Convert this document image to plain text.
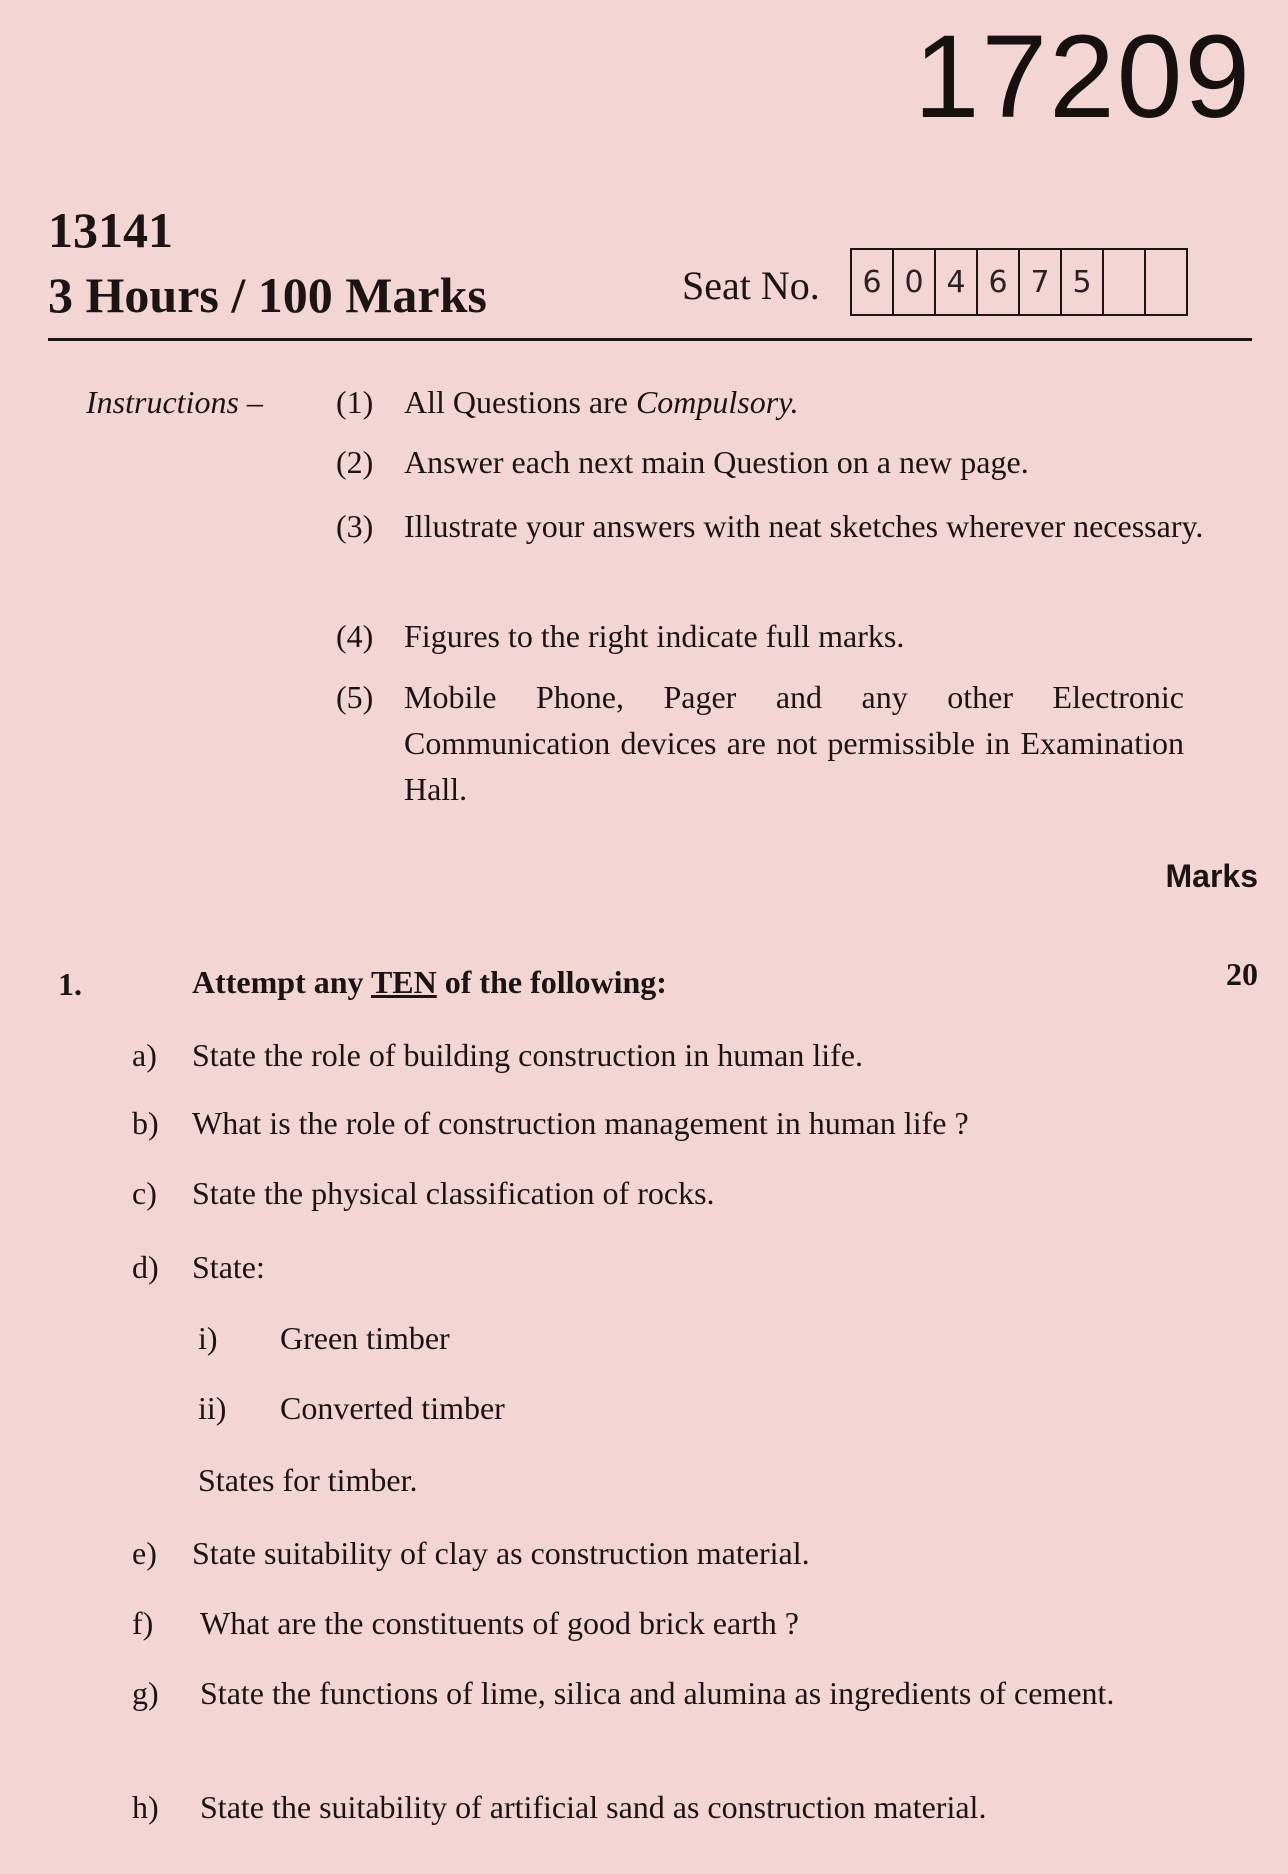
17209
13141
3 Hours / 100 Marks	Seat No.	6 0 4 6 7 5
Instructions – (1) All Questions are Compulsory.
(2) Answer each next main Question on a new page.
(3) Illustrate your answers with neat sketches wherever necessary.
(4) Figures to the right indicate full marks.
(5) Mobile Phone, Pager and any other Electronic Communication devices are not permissible in Examination Hall.
Marks
1.	Attempt any TEN of the following:	20
a) State the role of building construction in human life.
b) What is the role of construction management in human life ?
c) State the physical classification of rocks.
d) State:
i) Green timber
ii) Converted timber
States for timber.
e) State suitability of clay as construction material.
f) What are the constituents of good brick earth ?
g) State the functions of lime, silica and alumina as ingredients of cement.
h) State the suitability of artificial sand as construction material.
